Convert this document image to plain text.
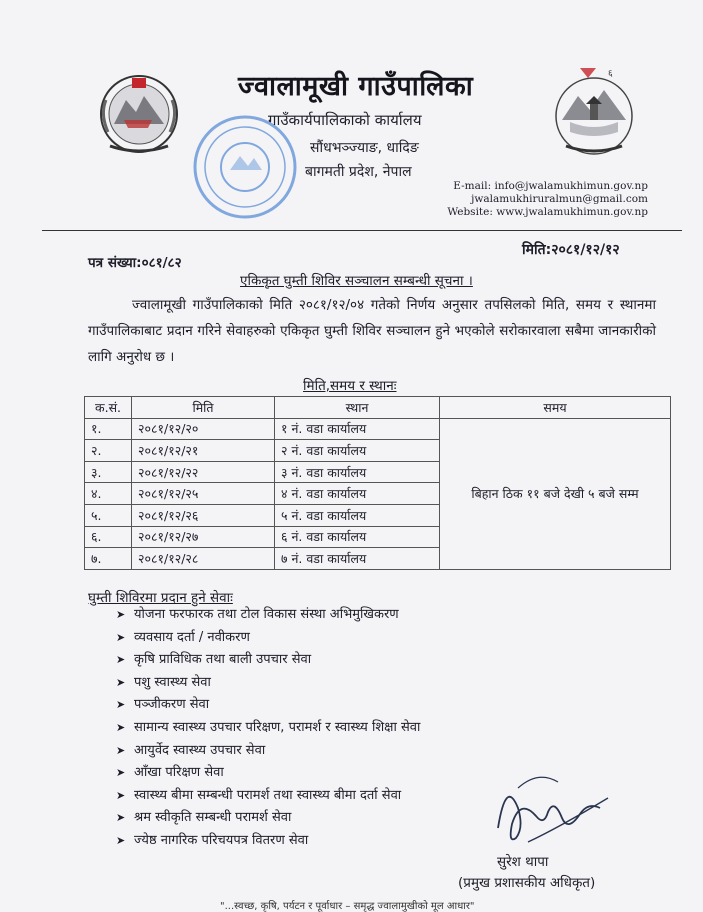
६
ज्वालामूखी गाउँपालिका
गाउँकार्यपालिकाको कार्यालय
सौंधभञ्ज्याङ, धादिङ
बागमती प्रदेश, नेपाल
E-mail: info@jwalamukhimun.gov.np
jwalamukhiruralmun@gmail.com
Website: www.jwalamukhimun.gov.np
मिति:२०८१/१२/१२
पत्र संख्या:०८१/८२
एकिकृत घुम्ती शिविर सञ्चालन सम्बन्धी सूचना ।
ज्वालामूखी गाउँपालिकाको मिति २०८१/१२/०४ गतेको निर्णय अनुसार तपसिलको मिति, समय र स्थानमा गाउँपालिकाबाट प्रदान गरिने सेवाहरुको एकिकृत घुम्ती शिविर सञ्चालन हुने भएकोले सरोकारवाला सबैमा जानकारीको लागि अनुरोध छ ।
मिति,समय र स्थानः
क.सं.	मिति	स्थान	समय
१.	२०८१/१२/२०	१ नं. वडा कार्यालय	बिहान ठिक ११ बजे देखी ५ बजे सम्म
२.	२०८१/१२/२१	२ नं. वडा कार्यालय	
३.	२०८१/१२/२२	३ नं. वडा कार्यालय	
४.	२०८१/१२/२५	४ नं. वडा कार्यालय	
५.	२०८१/१२/२६	५ नं. वडा कार्यालय	
६.	२०८१/१२/२७	६ नं. वडा कार्यालय	
७.	२०८१/१२/२८	७ नं. वडा कार्यालय	
घुम्ती शिविरमा प्रदान हुने सेवाः
➤ योजना फरफारक तथा टोल विकास संस्था अभिमुखिकरण
➤ व्यवसाय दर्ता / नवीकरण
➤ कृषि प्राविधिक तथा बाली उपचार सेवा
➤ पशु स्वास्थ्य सेवा
➤ पञ्जीकरण सेवा
➤ सामान्य स्वास्थ्य उपचार परिक्षण, परामर्श र स्वास्थ्य शिक्षा सेवा
➤ आयुर्वेद स्वास्थ्य उपचार सेवा
➤ आँखा परिक्षण सेवा
➤ स्वास्थ्य बीमा सम्बन्धी परामर्श तथा स्वास्थ्य बीमा दर्ता सेवा
➤ श्रम स्वीकृति सम्बन्धी परामर्श सेवा
➤ ज्येष्ठ नागरिक परिचयपत्र वितरण सेवा
सुरेश थापा
(प्रमुख प्रशासकीय अधिकृत)
"...स्वच्छ, कृषि, पर्यटन र पूर्वाधार – समृद्ध ज्वालामुखीको मूल आधार"
